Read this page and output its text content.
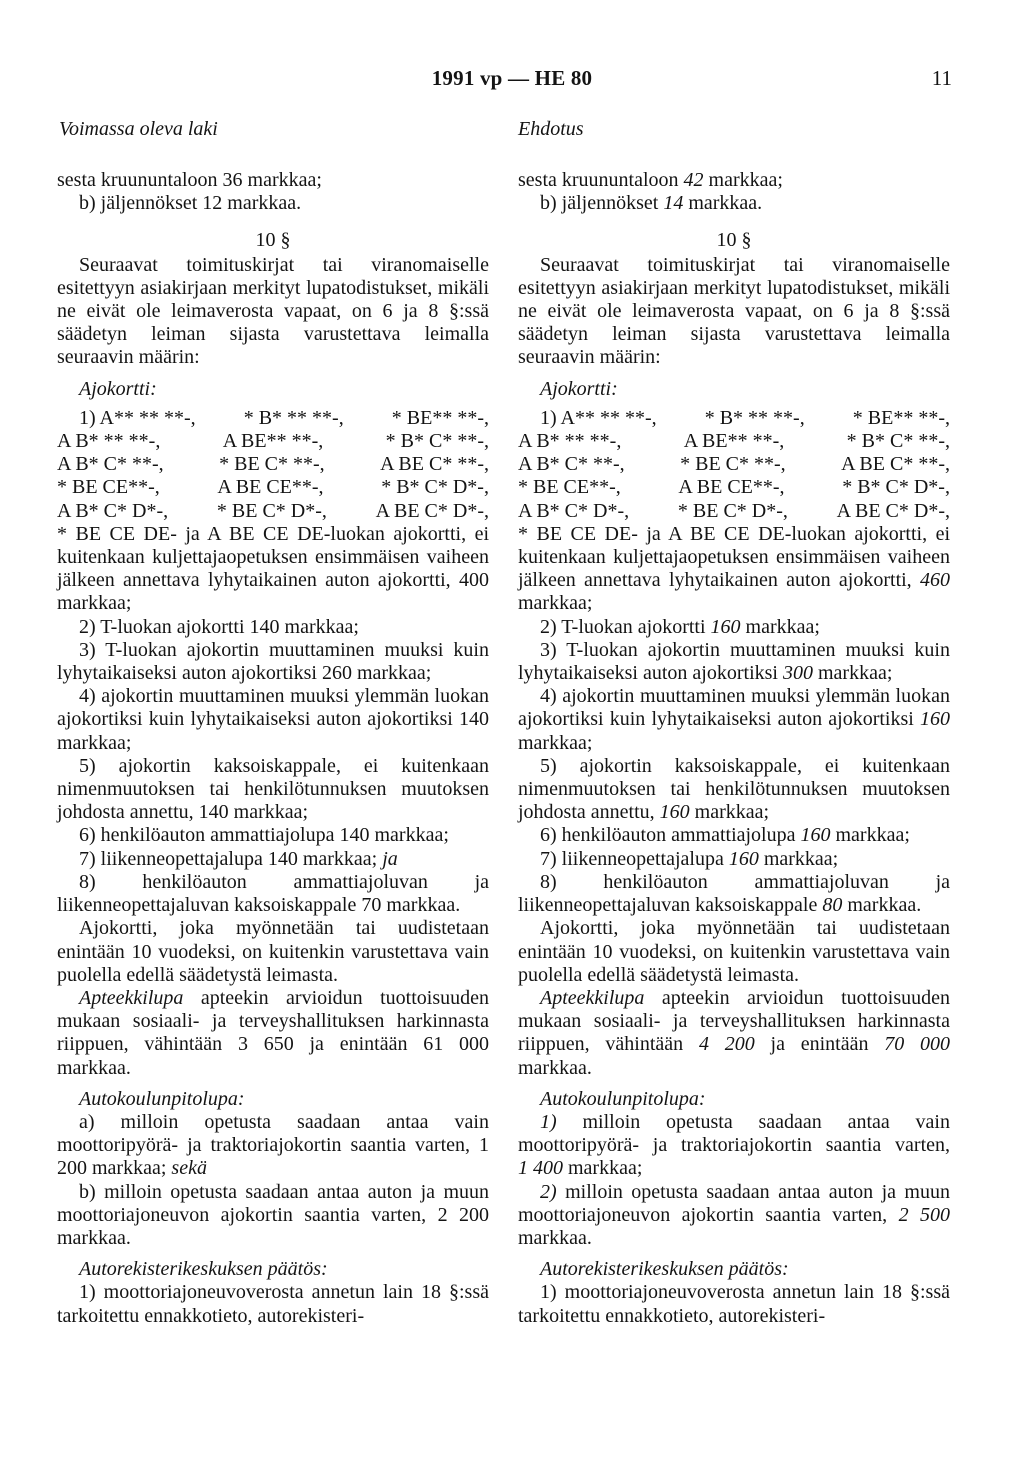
1991 vp — HE 80	11
Voimassa oleva laki

sesta kruununtaloon 36 markkaa;

b) jäljennökset 12 markkaa.

10 §

Seuraavat toimituskirjat tai viranomaiselle esitettyyn asiakirjaan merkityt lupatodistukset, mikäli ne eivät ole leimaverosta vapaat, on 6 ja 8 §:ssä säädetyn leiman sijasta varustettava leimalla seuraavin määrin:

Ajokortti:

1) A** ** **-, * B* ** **-, * BE** **-,
A B* ** **-,	A BE** **-,	* B* C* **-,
A B* C* **-,	* BE C* **-,	A BE C* **-,
* BE CE**-,	A BE CE**-,	* B* C* D*-,
A B* C* D*-, * BE C* D*-, A BE C* D*-,

* BE CE DE- ja A BE CE DE-luokan ajokortti, ei kuitenkaan kuljettajaopetuksen ensimmäisen vaiheen jälkeen annettava lyhytaikainen auton ajokortti, 400 markkaa;

2) T-luokan ajokortti 140 markkaa;

3) T-luokan ajokortin muuttaminen muuksi kuin lyhytaikaiseksi auton ajokortiksi 260 markkaa;

4) ajokortin muuttaminen muuksi ylemmän luokan ajokortiksi kuin lyhytaikaiseksi auton ajokortiksi 140 markkaa;

5) ajokortin kaksoiskappale, ei kuitenkaan nimenmuutoksen tai henkilötunnuksen muutoksen johdosta annettu, 140 markkaa;

6) henkilöauton ammattiajolupa 140 markkaa;

7) liikenneopettajalupa 140 markkaa; ja

8) henkilöauton ammattiajoluvan ja liikenneopettajaluvan kaksoiskappale 70 markkaa.

Ajokortti, joka myönnetään tai uudistetaan enintään 10 vuodeksi, on kuitenkin varustettava vain puolella edellä säädetystä leimasta.

Apteekkilupa apteekin arvioidun tuottoisuuden mukaan sosiaali- ja terveyshallituksen harkinnasta riippuen, vähintään 3 650 ja enintään 61 000 markkaa.

Autokoulunpitolupa:

a) milloin opetusta saadaan antaa vain moottoripyörä- ja traktoriajokortin saantia varten, 1 200 markkaa; sekä

b) milloin opetusta saadaan antaa auton ja muun moottoriajoneuvon ajokortin saantia varten, 2 200 markkaa.

Autorekisterikeskuksen päätös:

1) moottoriajoneuvoverosta annetun lain 18 §:ssä tarkoitettu ennakkotieto, autorekisteri-

Ehdotus

sesta kruununtaloon 42 markkaa;

b) jäljennökset 14 markkaa.

10 §

Seuraavat toimituskirjat tai viranomaiselle esitettyyn asiakirjaan merkityt lupatodistukset, mikäli ne eivät ole leimaverosta vapaat, on 6 ja 8 §:ssä säädetyn leiman sijasta varustettava leimalla seuraavin määrin:

Ajokortti:

1) A** ** **-, * B* ** **-, * BE** **-,
A B* ** **-,	A BE** **-,	* B* C* **-,
A B* C* **-,	* BE C* **-,	A BE C* **-,
* BE CE**-,	A BE CE**-,	* B* C* D*-,
A B* C* D*-, * BE C* D*-, A BE C* D*-,

* BE CE DE- ja A BE CE DE-luokan ajokortti, ei kuitenkaan kuljettajaopetuksen ensimmäisen vaiheen jälkeen annettava lyhytaikainen auton ajokortti, 460 markkaa;

2) T-luokan ajokortti 160 markkaa;

3) T-luokan ajokortin muuttaminen muuksi kuin lyhytaikaiseksi auton ajokortiksi 300 markkaa;

4) ajokortin muuttaminen muuksi ylemmän luokan ajokortiksi kuin lyhytaikaiseksi auton ajokortiksi 160 markkaa;

5) ajokortin kaksoiskappale, ei kuitenkaan nimenmuutoksen tai henkilötunnuksen muutoksen johdosta annettu, 160 markkaa;

6) henkilöauton ammattiajolupa 160 markkaa;

7) liikenneopettajalupa 160 markkaa;

8) henkilöauton ammattiajoluvan ja liikenneopettajaluvan kaksoiskappale 80 markkaa.

Ajokortti, joka myönnetään tai uudistetaan enintään 10 vuodeksi, on kuitenkin varustettava vain puolella edellä säädetystä leimasta.

Apteekkilupa apteekin arvioidun tuottoisuuden mukaan sosiaali- ja terveyshallituksen harkinnasta riippuen, vähintään 4 200 ja enintään 70 000 markkaa.

Autokoulunpitolupa:

1) milloin opetusta saadaan antaa vain moottoripyörä- ja traktoriajokortin saantia varten, 1 400 markkaa;

2) milloin opetusta saadaan antaa auton ja muun moottoriajoneuvon ajokortin saantia varten, 2 500 markkaa.

Autorekisterikeskuksen päätös:

1) moottoriajoneuvoverosta annetun lain 18 §:ssä tarkoitettu ennakkotieto, autorekisteri-
